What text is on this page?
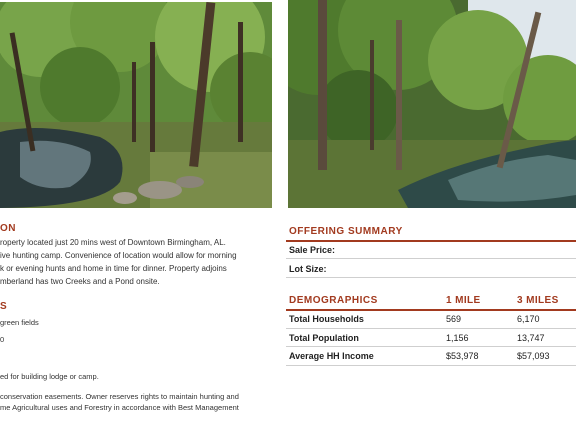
ON
roperty located just 20 mins west of Downtown Birmingham, AL.
ive hunting camp. Convenience of location would allow for morning
k or evening hunts and home in time for dinner. Property adjoins
mberland has two Creeks and a Pond onsite.
S
green fields
0
ed for building lodge or camp.
conservation easements. Owner reserves rights to maintain hunting and
me Agricultural uses and Forestry in accordance with Best Management
OFFERING SUMMARY
Sale Price:
Lot Size:
DEMOGRAPHICS	1 MILE	3 MILES
Total Households	569	6,170
Total Population	1,156	13,747
Average HH Income	$53,978	$57,093
